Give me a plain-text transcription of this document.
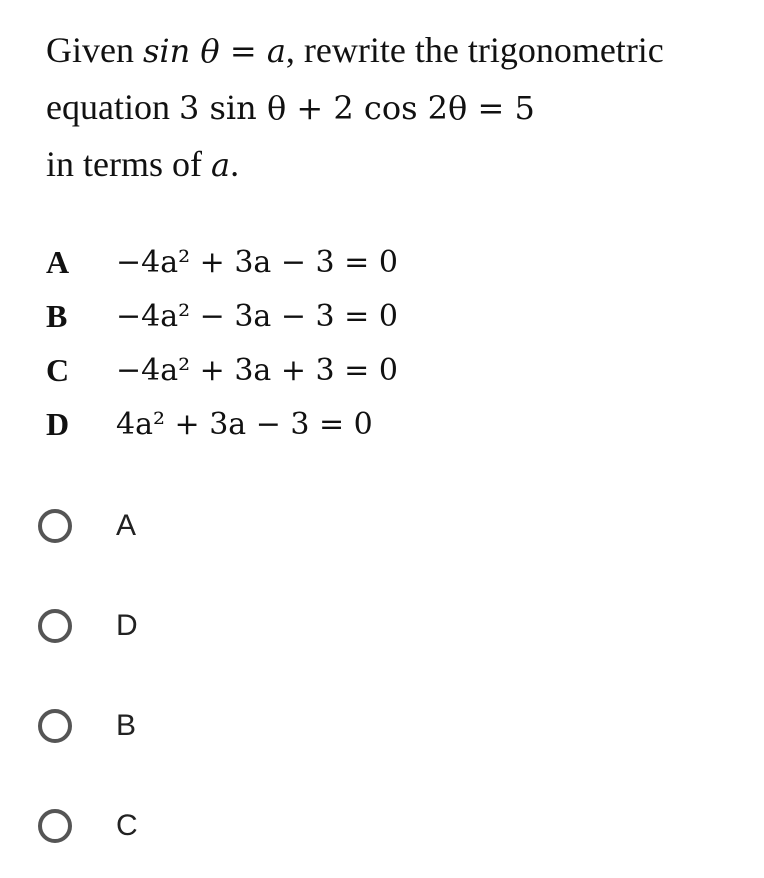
Given sin θ = a, rewrite the trigonometric
equation 3 sin θ + 2 cos 2θ = 5
in terms of a.
A	−4a² + 3a − 3 = 0
B	−4a² − 3a − 3 = 0
C	−4a² + 3a + 3 = 0
D	4a² + 3a − 3 = 0
A
D
B
C
